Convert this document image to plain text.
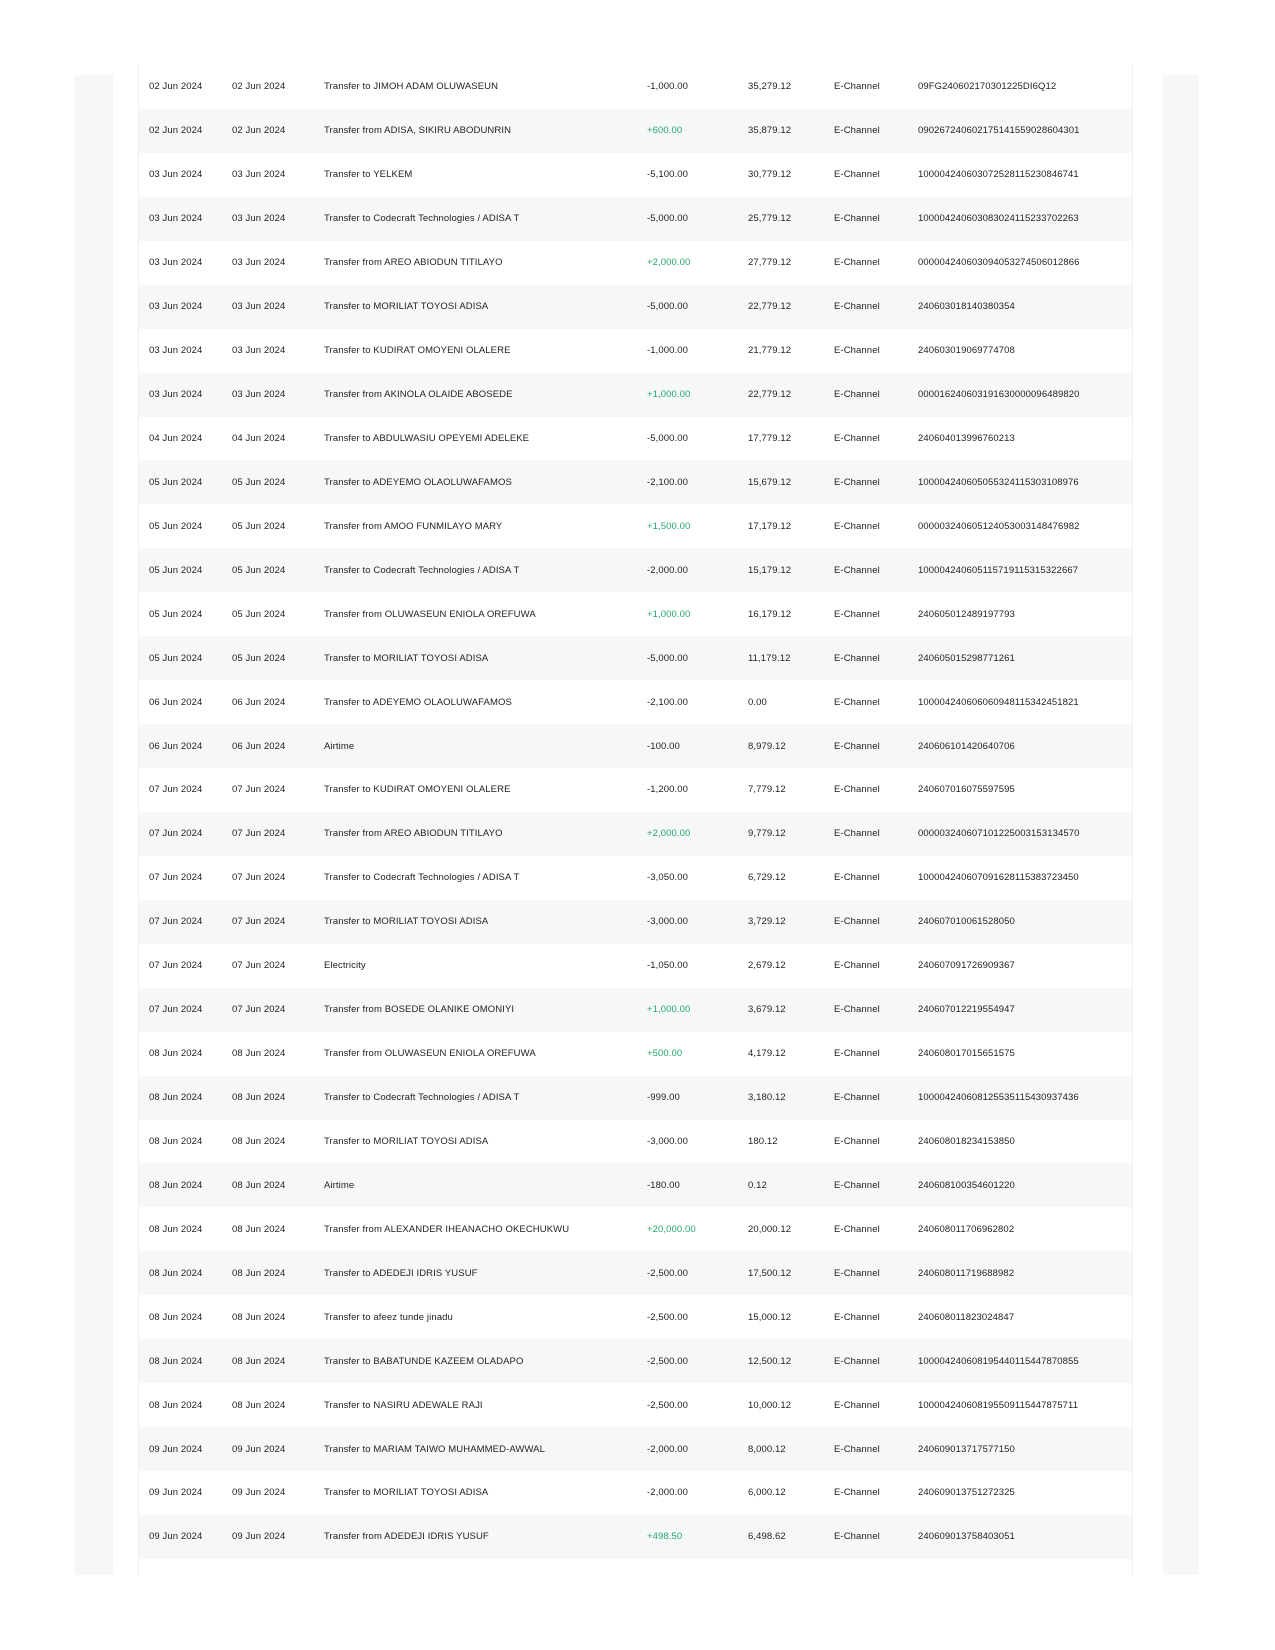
02 Jun 2024	02 Jun 2024	Transfer to JIMOH ADAM OLUWASEUN	-1,000.00	35,279.12	E-Channel	09FG240602170301225DI6Q12
02 Jun 2024	02 Jun 2024	Transfer from ADISA, SIKIRU ABODUNRIN	+600.00	35,879.12	E-Channel	090267240602175141559028604301
03 Jun 2024	03 Jun 2024	Transfer to YELKEM	-5,100.00	30,779.12	E-Channel	100004240603072528115230846741
03 Jun 2024	03 Jun 2024	Transfer to Codecraft Technologies / ADISA T	-5,000.00	25,779.12	E-Channel	100004240603083024115233702263
03 Jun 2024	03 Jun 2024	Transfer from AREO ABIODUN TITILAYO	+2,000.00	27,779.12	E-Channel	000004240603094053274506012866
03 Jun 2024	03 Jun 2024	Transfer to MORILIAT TOYOSI ADISA	-5,000.00	22,779.12	E-Channel	240603018140380354
03 Jun 2024	03 Jun 2024	Transfer to KUDIRAT OMOYENI OLALERE	-1,000.00	21,779.12	E-Channel	240603019069774708
03 Jun 2024	03 Jun 2024	Transfer from AKINOLA OLAIDE ABOSEDE	+1,000.00	22,779.12	E-Channel	000016240603191630000096489820
04 Jun 2024	04 Jun 2024	Transfer to ABDULWASIU OPEYEMI ADELEKE	-5,000.00	17,779.12	E-Channel	240604013996760213
05 Jun 2024	05 Jun 2024	Transfer to ADEYEMO OLAOLUWAFAMOS	-2,100.00	15,679.12	E-Channel	100004240605055324115303108976
05 Jun 2024	05 Jun 2024	Transfer from AMOO FUNMILAYO MARY	+1,500.00	17,179.12	E-Channel	000003240605124053003148476982
05 Jun 2024	05 Jun 2024	Transfer to Codecraft Technologies / ADISA T	-2,000.00	15,179.12	E-Channel	100004240605115719115315322667
05 Jun 2024	05 Jun 2024	Transfer from OLUWASEUN ENIOLA OREFUWA	+1,000.00	16,179.12	E-Channel	240605012489197793
05 Jun 2024	05 Jun 2024	Transfer to MORILIAT TOYOSI ADISA	-5,000.00	11,179.12	E-Channel	240605015298771261
06 Jun 2024	06 Jun 2024	Transfer to ADEYEMO OLAOLUWAFAMOS	-2,100.00	0.00	E-Channel	100004240606060948115342451821
06 Jun 2024	06 Jun 2024	Airtime	-100.00	8,979.12	E-Channel	240606101420640706
07 Jun 2024	07 Jun 2024	Transfer to KUDIRAT OMOYENI OLALERE	-1,200.00	7,779.12	E-Channel	240607016075597595
07 Jun 2024	07 Jun 2024	Transfer from AREO ABIODUN TITILAYO	+2,000.00	9,779.12	E-Channel	000003240607101225003153134570
07 Jun 2024	07 Jun 2024	Transfer to Codecraft Technologies / ADISA T	-3,050.00	6,729.12	E-Channel	100004240607091628115383723450
07 Jun 2024	07 Jun 2024	Transfer to MORILIAT TOYOSI ADISA	-3,000.00	3,729.12	E-Channel	240607010061528050
07 Jun 2024	07 Jun 2024	Electricity	-1,050.00	2,679.12	E-Channel	240607091726909367
07 Jun 2024	07 Jun 2024	Transfer from BOSEDE OLANIKE OMONIYI	+1,000.00	3,679.12	E-Channel	240607012219554947
08 Jun 2024	08 Jun 2024	Transfer from OLUWASEUN ENIOLA OREFUWA	+500.00	4,179.12	E-Channel	240608017015651575
08 Jun 2024	08 Jun 2024	Transfer to Codecraft Technologies / ADISA T	-999.00	3,180.12	E-Channel	100004240608125535115430937436
08 Jun 2024	08 Jun 2024	Transfer to MORILIAT TOYOSI ADISA	-3,000.00	180.12	E-Channel	240608018234153850
08 Jun 2024	08 Jun 2024	Airtime	-180.00	0.12	E-Channel	240608100354601220
08 Jun 2024	08 Jun 2024	Transfer from ALEXANDER IHEANACHO OKECHUKWU	+20,000.00	20,000.12	E-Channel	240608011706962802
08 Jun 2024	08 Jun 2024	Transfer to ADEDEJI IDRIS YUSUF	-2,500.00	17,500.12	E-Channel	240608011719688982
08 Jun 2024	08 Jun 2024	Transfer to afeez tunde jinadu	-2,500.00	15,000.12	E-Channel	240608011823024847
08 Jun 2024	08 Jun 2024	Transfer to BABATUNDE KAZEEM OLADAPO	-2,500.00	12,500.12	E-Channel	100004240608195440115447870855
08 Jun 2024	08 Jun 2024	Transfer to NASIRU ADEWALE RAJI	-2,500.00	10,000.12	E-Channel	100004240608195509115447875711
09 Jun 2024	09 Jun 2024	Transfer to MARIAM TAIWO MUHAMMED-AWWAL	-2,000.00	8,000.12	E-Channel	240609013717577150
09 Jun 2024	09 Jun 2024	Transfer to MORILIAT TOYOSI ADISA	-2,000.00	6,000.12	E-Channel	240609013751272325
09 Jun 2024	09 Jun 2024	Transfer from ADEDEJI IDRIS YUSUF	+498.50	6,498.62	E-Channel	240609013758403051
